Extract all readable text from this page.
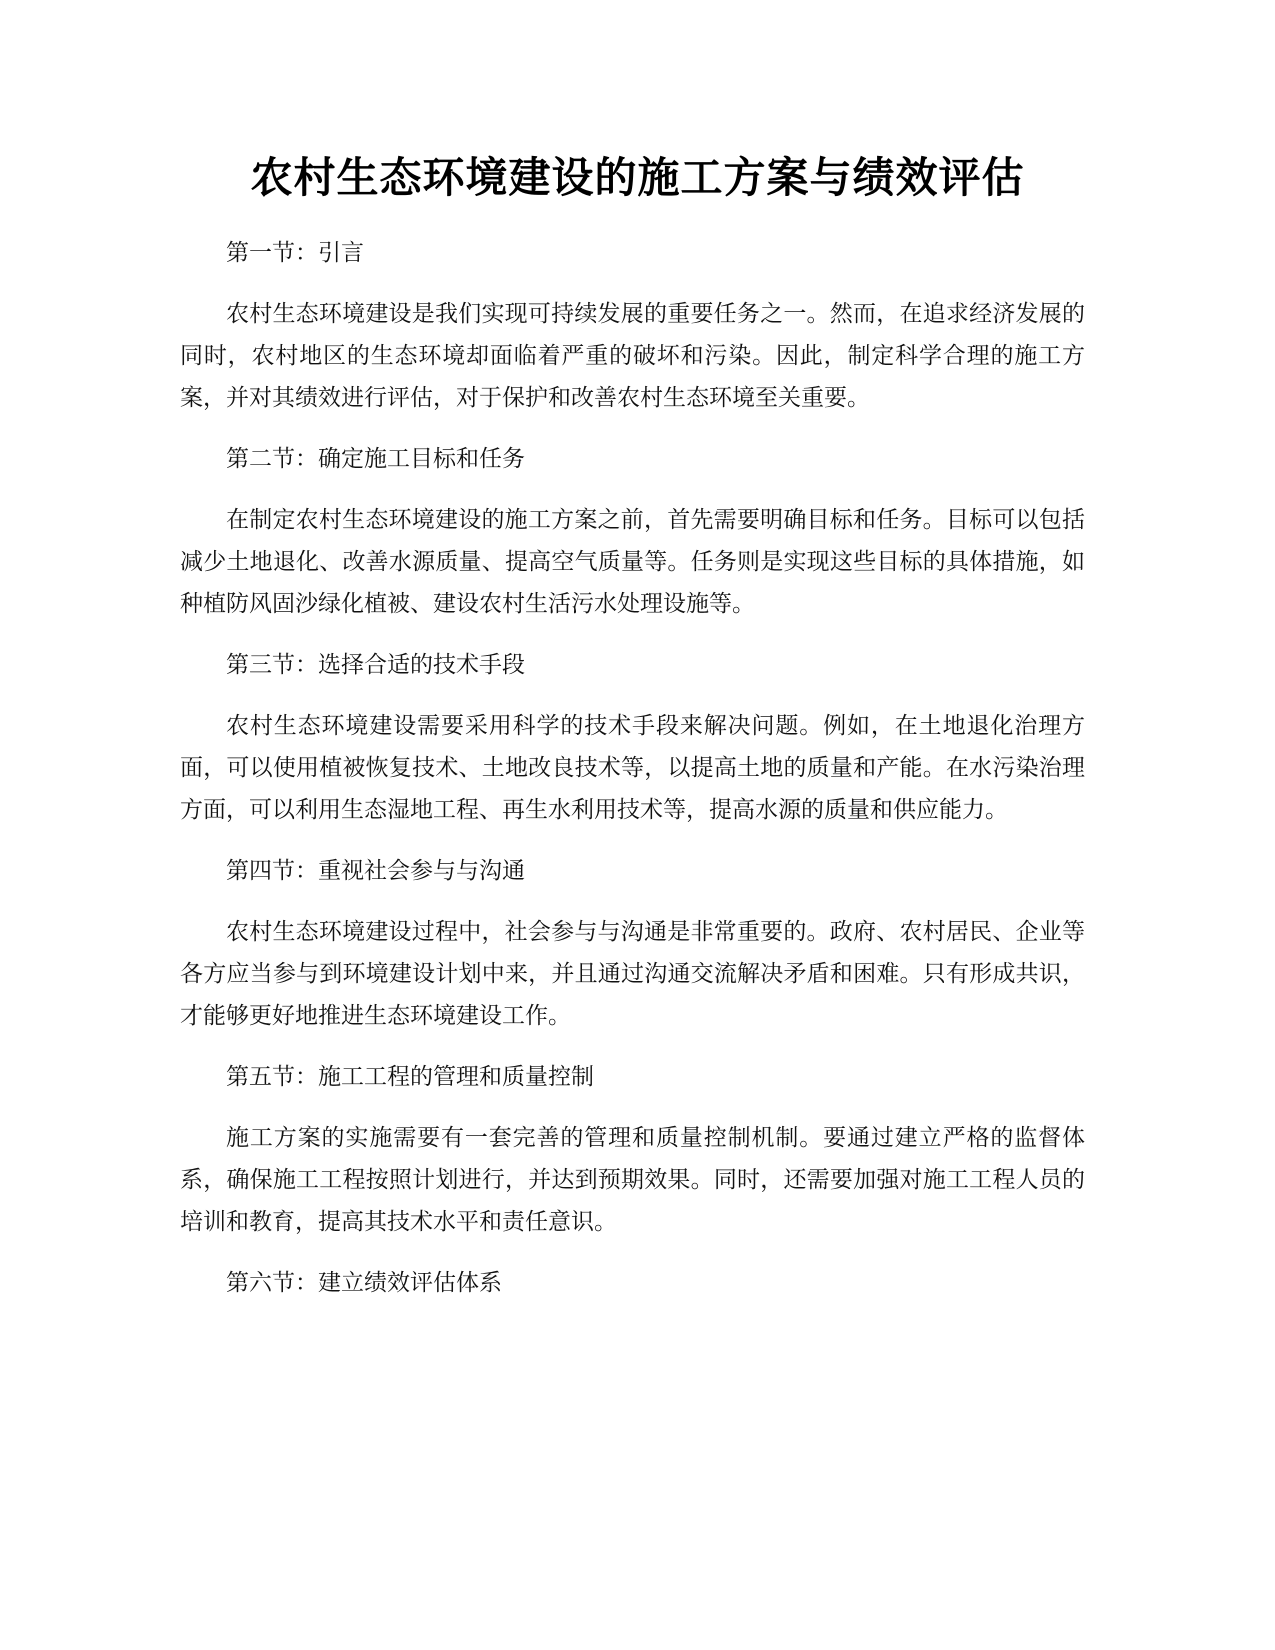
农村生态环境建设的施工方案与绩效评估
第一节：引言
农村生态环境建设是我们实现可持续发展的重要任务之一。然而，在追求经济发展的同时，农村地区的生态环境却面临着严重的破坏和污染。因此，制定科学合理的施工方案，并对其绩效进行评估，对于保护和改善农村生态环境至关重要。
第二节：确定施工目标和任务
在制定农村生态环境建设的施工方案之前，首先需要明确目标和任务。目标可以包括减少土地退化、改善水源质量、提高空气质量等。任务则是实现这些目标的具体措施，如种植防风固沙绿化植被、建设农村生活污水处理设施等。
第三节：选择合适的技术手段
农村生态环境建设需要采用科学的技术手段来解决问题。例如，在土地退化治理方面，可以使用植被恢复技术、土地改良技术等，以提高土地的质量和产能。在水污染治理方面，可以利用生态湿地工程、再生水利用技术等，提高水源的质量和供应能力。
第四节：重视社会参与与沟通
农村生态环境建设过程中，社会参与与沟通是非常重要的。政府、农村居民、企业等各方应当参与到环境建设计划中来，并且通过沟通交流解决矛盾和困难。只有形成共识，才能够更好地推进生态环境建设工作。
第五节：施工工程的管理和质量控制
施工方案的实施需要有一套完善的管理和质量控制机制。要通过建立严格的监督体系，确保施工工程按照计划进行，并达到预期效果。同时，还需要加强对施工工程人员的培训和教育，提高其技术水平和责任意识。
第六节：建立绩效评估体系
